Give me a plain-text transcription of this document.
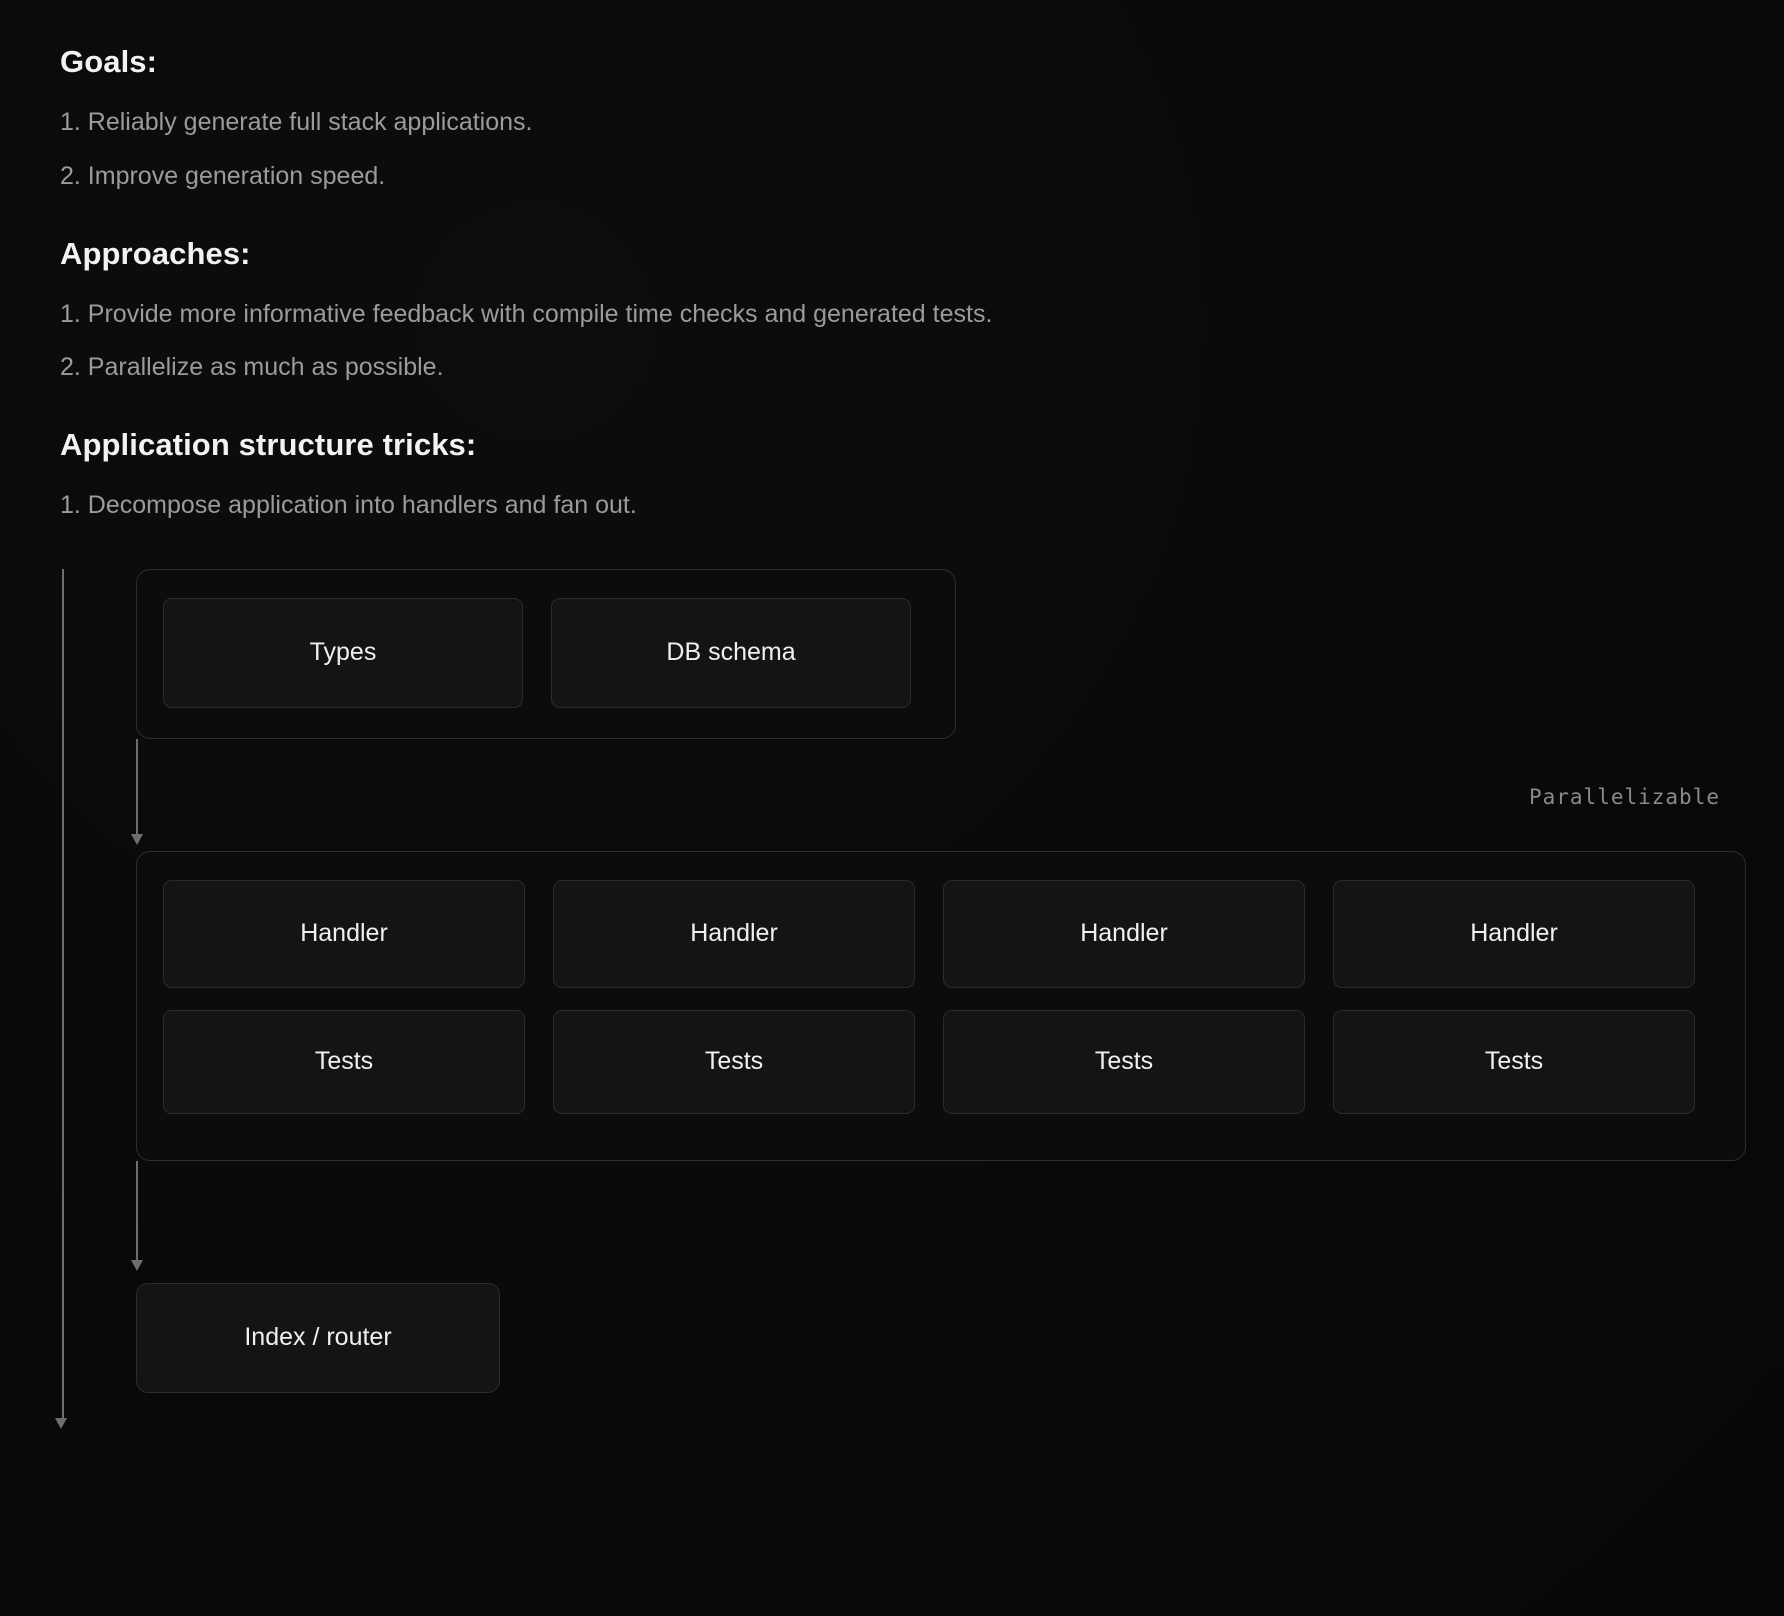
Goals:

1. Reliably generate full stack applications.

2. Improve generation speed.

Approaches:

1. Provide more informative feedback with compile time checks and generated tests.

2. Parallelize as much as possible.

Application structure tricks:

1. Decompose application into handlers and fan out.

Types	DB schema
Parallelizable
Handler	Handler	Handler	Handler
Tests	Tests	Tests	Tests
Index / router
